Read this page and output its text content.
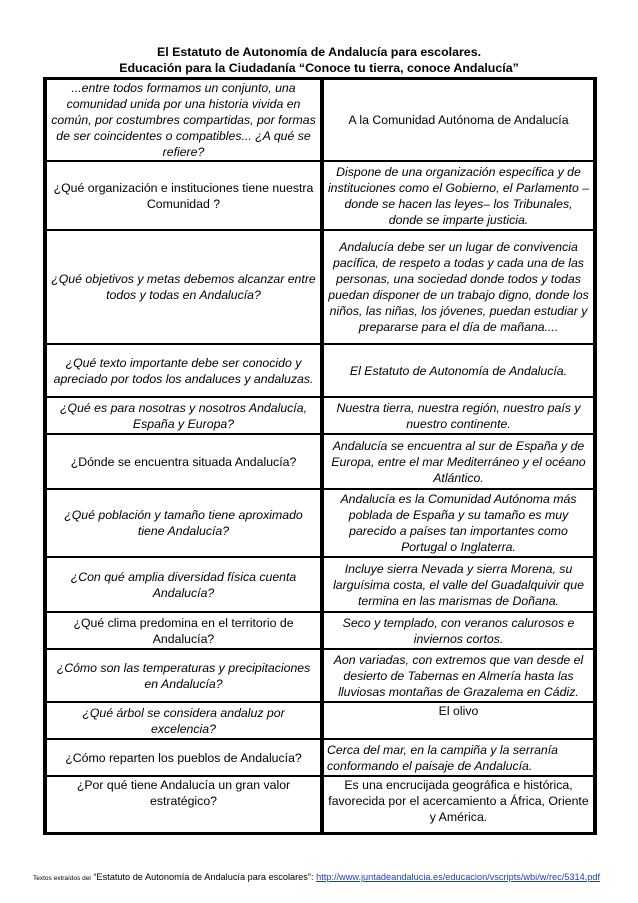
El Estatuto de Autonomía de Andalucía para escolares.
Educación para la Ciudadanía “Conoce tu tierra, conoce Andalucía”
...entre todos formamos un conjunto, una comunidad unida por una historia vivida en común, por costumbres compartidas, por formas de ser coincidentes o compatibles... ¿A qué se refiere?	A la Comunidad Autónoma de Andalucía
¿Qué organización e instituciones tiene nuestra Comunidad ?	Dispone de una organización específica y de instituciones como el Gobierno, el Parlamento –donde se hacen las leyes– los Tribunales, donde se imparte justicia.
¿Qué objetivos y metas debemos alcanzar entre todos y todas en Andalucía?	Andalucía debe ser un lugar de convivencia pacífica, de respeto a todas y cada una de las personas, una sociedad donde todos y todas puedan disponer de un trabajo digno, donde los niños, las niñas, los jóvenes, puedan estudiar y prepararse para el día de mañana....
¿Qué texto importante debe ser conocido y apreciado por todos los andaluces y andaluzas.	El Estatuto de Autonomía de Andalucía.
¿Qué es para nosotras y nosotros Andalucía, España y Europa?	Nuestra tierra, nuestra región, nuestro país y nuestro continente.
¿Dónde se encuentra situada Andalucía?	Andalucía se encuentra al sur de España y de Europa, entre el mar Mediterráneo y el océano Atlántico.
¿Qué población y tamaño tiene aproximado tiene Andalucía?	Andalucía es la Comunidad Autónoma más poblada de España y su tamaño es muy parecido a países tan importantes como Portugal o Inglaterra.
¿Con qué amplia diversidad física cuenta Andalucía?	Incluye sierra Nevada y sierra Morena, su larguísima costa, el valle del Guadalquivir que termina en las marismas de Doñana.
¿Qué clima predomina en el territorio de Andalucía?	Seco y templado, con veranos calurosos e inviernos cortos.
¿Cómo son las temperaturas y precipitaciones en Andalucía?	Aon variadas, con extremos que van desde el desierto de Tabernas en Almería hasta las lluviosas montañas de Grazalema en Cádiz.
¿Qué árbol se considera andaluz por excelencia?	El olivo
¿Cómo reparten los pueblos de Andalucía?	Cerca del mar, en la campiña y la serranía conformando el paisaje de Andalucía.
¿Por qué tiene Andalucía un gran valor estratégico?	Es una encrucijada geográfica e histórica, favorecida por el acercamiento a África, Oriente y América.
Textos extraídos del “Estatuto de Autonomía de Andalucía para escolares”: http://www.juntadeandalucia.es/educacion/vscripts/wbi/w/rec/5314.pdf
